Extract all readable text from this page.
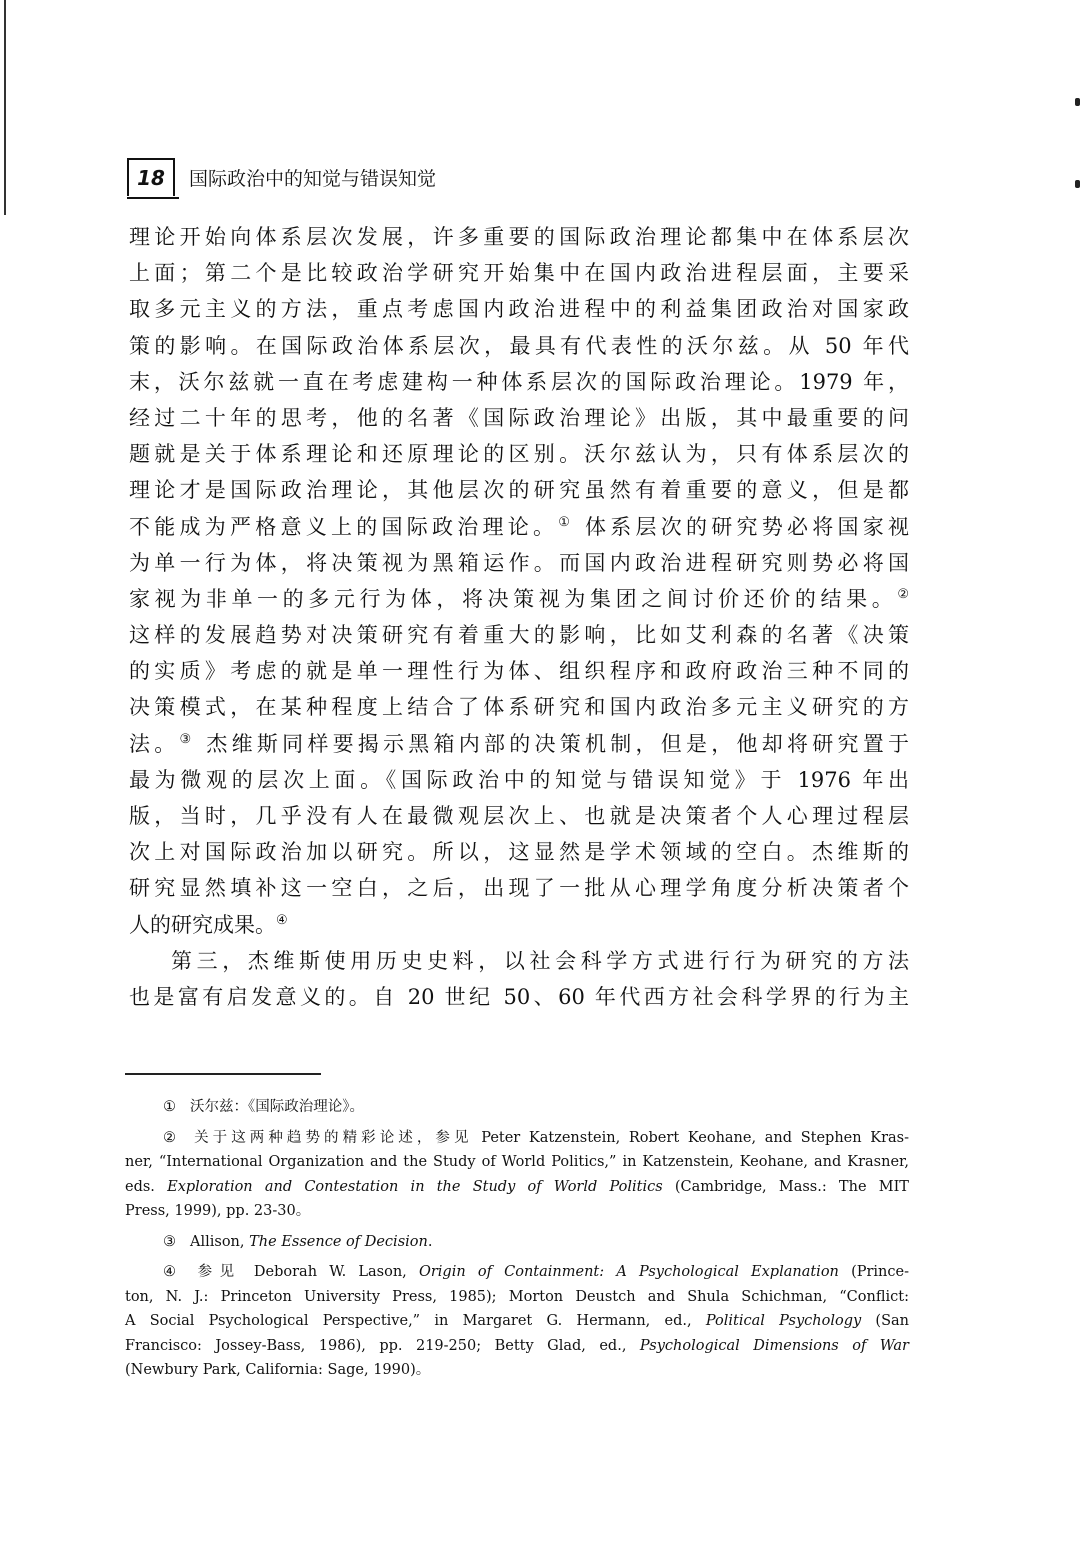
18	国际政治中的知觉与错误知觉
理论开始向体系层次发展，许多重要的国际政治理论都集中在体系层次
上面；第二个是比较政治学研究开始集中在国内政治进程层面，主要采
取多元主义的方法，重点考虑国内政治进程中的利益集团政治对国家政
策的影响。在国际政治体系层次，最具有代表性的沃尔兹。从 50 年代
末，沃尔兹就一直在考虑建构一种体系层次的国际政治理论。1979 年，
经过二十年的思考，他的名著《国际政治理论》出版，其中最重要的问
题就是关于体系理论和还原理论的区别。沃尔兹认为，只有体系层次的
理论才是国际政治理论，其他层次的研究虽然有着重要的意义，但是都
不能成为严格意义上的国际政治理论。① 体系层次的研究势必将国家视
为单一行为体，将决策视为黑箱运作。而国内政治进程研究则势必将国
家视为非单一的多元行为体，将决策视为集团之间讨价还价的结果。②
这样的发展趋势对决策研究有着重大的影响，比如艾利森的名著《决策
的实质》考虑的就是单一理性行为体、组织程序和政府政治三种不同的
决策模式，在某种程度上结合了体系研究和国内政治多元主义研究的方
法。③ 杰维斯同样要揭示黑箱内部的决策机制，但是，他却将研究置于
最为微观的层次上面。《国际政治中的知觉与错误知觉》于 1976 年出
版，当时，几乎没有人在最微观层次上、也就是决策者个人心理过程层
次上对国际政治加以研究。所以，这显然是学术领域的空白。杰维斯的
研究显然填补这一空白，之后，出现了一批从心理学角度分析决策者个
人的研究成果。④
第三，杰维斯使用历史史料，以社会科学方式进行行为研究的方法
也是富有启发意义的。自 20 世纪 50、60 年代西方社会科学界的行为主
① 沃尔兹：《国际政治理论》。
② 关于这两种趋势的精彩论述，参见 Peter Katzenstein, Robert Keohane, and Stephen Kras-
ner, “International Organization and the Study of World Politics,” in Katzenstein, Keohane, and Krasner,
eds. Exploration and Contestation in the Study of World Politics (Cambridge, Mass.: The MIT
Press, 1999), pp. 23-30。
③ Allison, The Essence of Decision.
④ 参见 Deborah W. Lason, Origin of Containment: A Psychological Explanation (Prince-
ton, N. J.: Princeton University Press, 1985); Morton Deustch and Shula Schichman, “Conflict:
A Social Psychological Perspective,” in Margaret G. Hermann, ed., Political Psychology (San
Francisco: Jossey-Bass, 1986), pp. 219-250; Betty Glad, ed., Psychological Dimensions of War
(Newbury Park, California: Sage, 1990)。
